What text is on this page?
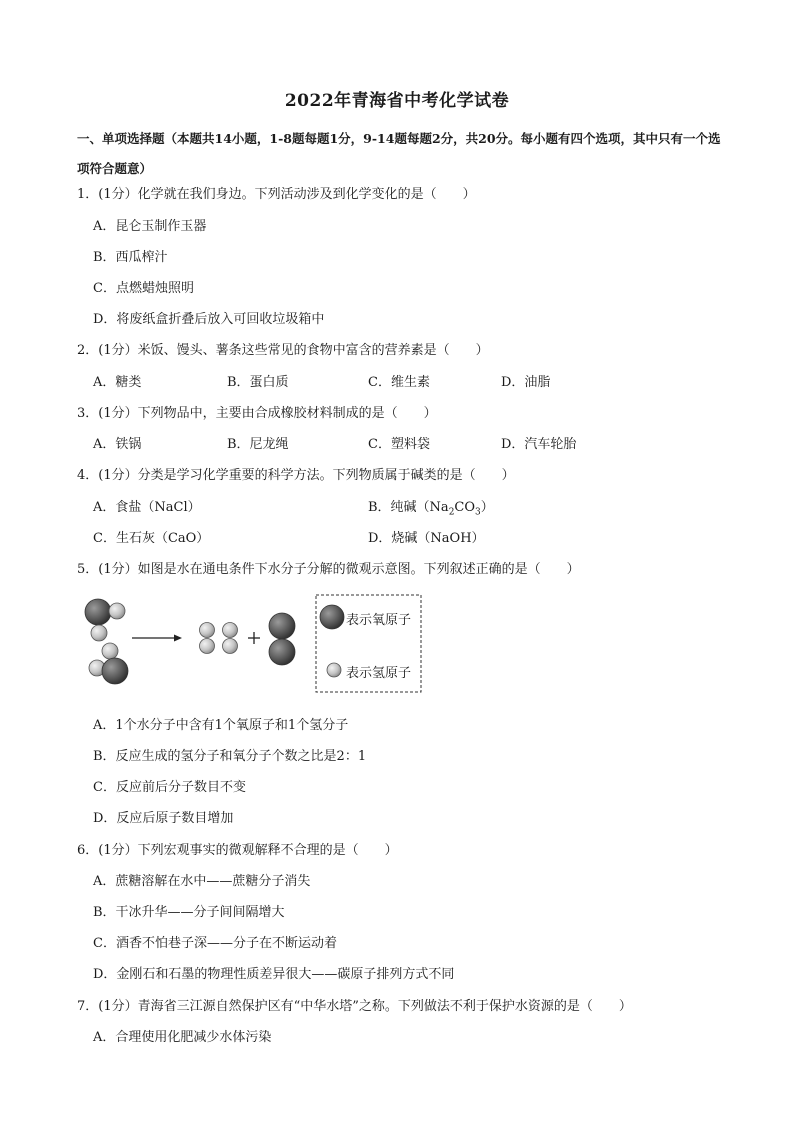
2022年青海省中考化学试卷
一、单项选择题（本题共14小题，1-8题每题1分，9-14题每题2分，共20分。每小题有四个选项，其中只有一个选项符合题意）
1．(1分）化学就在我们身边。下列活动涉及到化学变化的是（　　）
A．昆仑玉制作玉器
B．西瓜榨汁
C．点燃蜡烛照明
D．将废纸盒折叠后放入可回收垃圾箱中
2．(1分）米饭、馒头、薯条这些常见的食物中富含的营养素是（　　）
A．糖类	B．蛋白质	C．维生素	D．油脂
3．(1分）下列物品中，主要由合成橡胶材料制成的是（　　）
A．铁锅	B．尼龙绳	C．塑料袋	D．汽车轮胎
4．(1分）分类是学习化学重要的科学方法。下列物质属于碱类的是（　　）
A．食盐（NaCl）	B．纯碱$(Na_2CO_3)$
C．生石灰（CaO）	D．烧碱（NaOH）
5．(1分）如图是水在通电条件下水分子分解的微观示意图。下列叙述正确的是（　　）
表示氧原子
表示氢原子
A．1个水分子中含有1个氧原子和1个氢分子
B．反应生成的氢分子和氧分子个数之比是2：1
C．反应前后分子数目不变
D．反应后原子数目增加
6．(1分）下列宏观事实的微观解释不合理的是（　　）
A．蔗糖溶解在水中——蔗糖分子消失
B．干冰升华——分子间间隔增大
C．酒香不怕巷子深——分子在不断运动着
D．金刚石和石墨的物理性质差异很大——碳原子排列方式不同
7．(1分）青海省三江源自然保护区有“中华水塔”之称。下列做法不利于保护水资源的是（　　）
A．合理使用化肥减少水体污染
